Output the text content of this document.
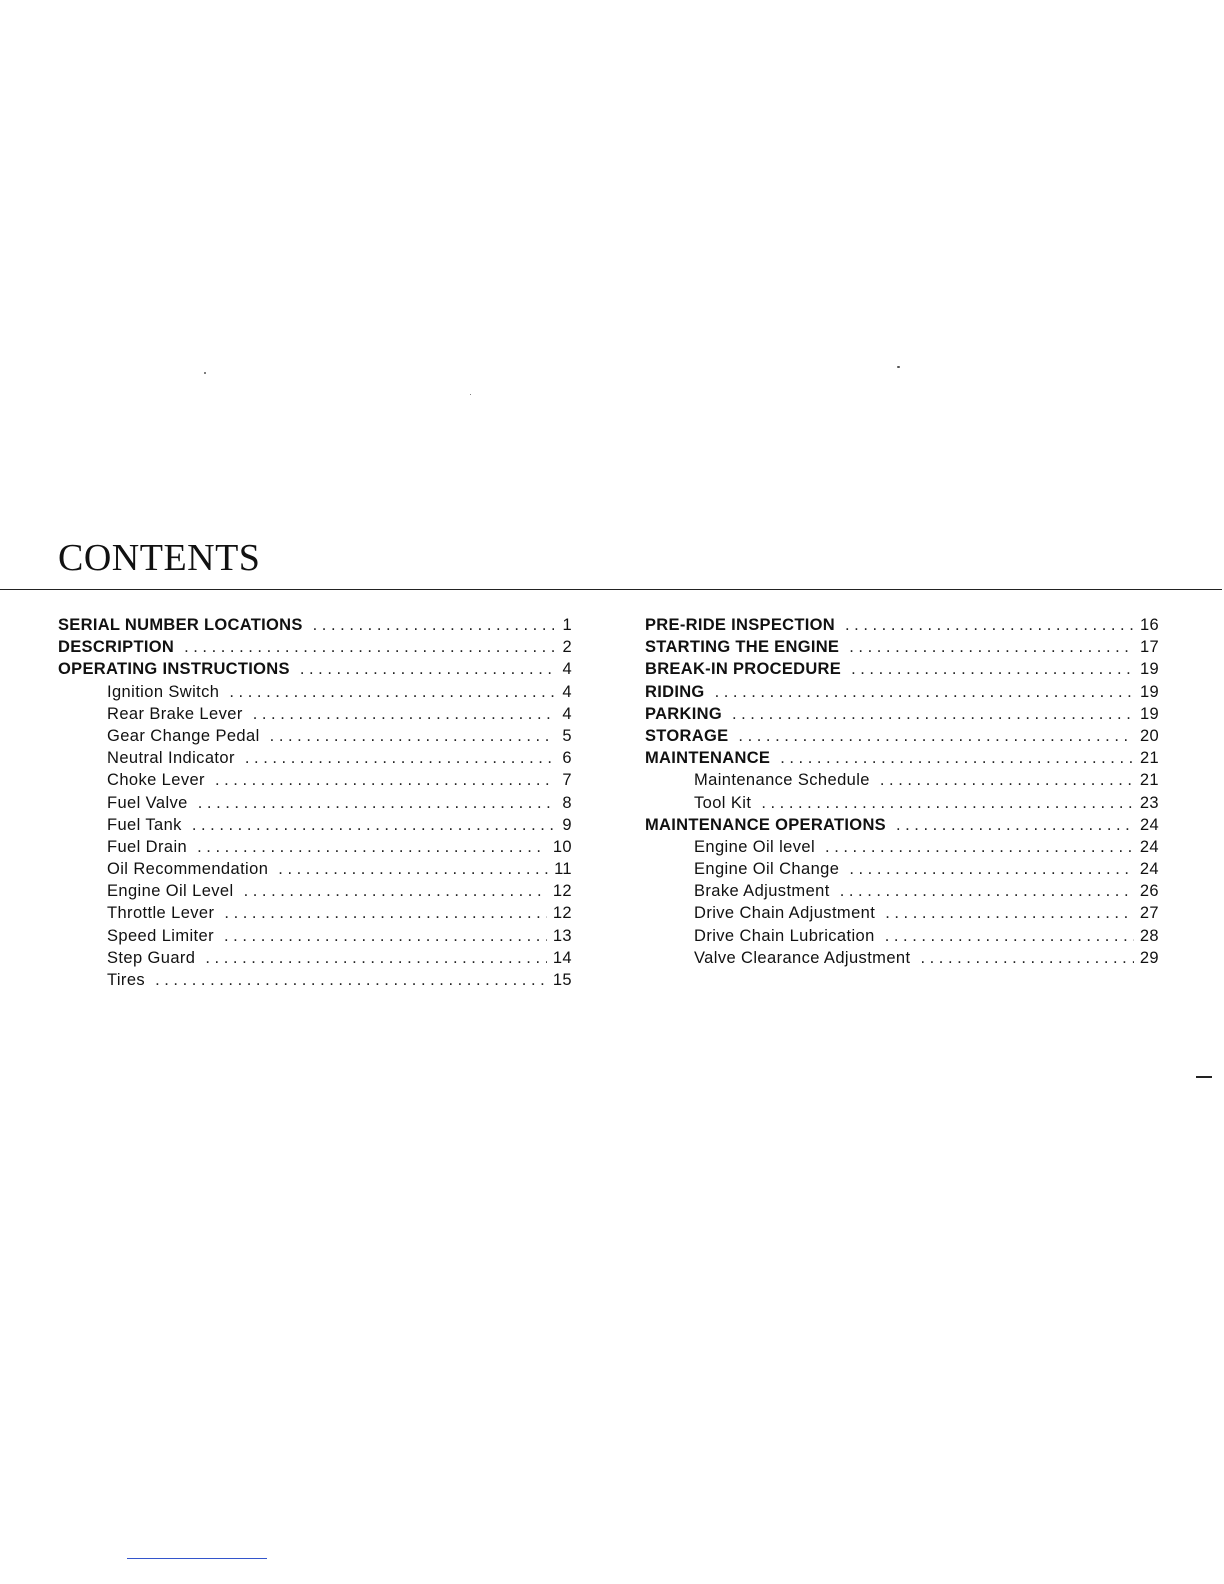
CONTENTS
SERIAL NUMBER LOCATIONS . . .	1
DESCRIPTION . . .	2
OPERATING INSTRUCTIONS . . .	4
Ignition Switch . . .	4
Rear Brake Lever . . .	4
Gear Change Pedal . . .	5
Neutral Indicator . . .	6
Choke Lever . . .	7
Fuel Valve . . .	8
Fuel Tank . . .	9
Fuel Drain . . .	10
Oil Recommendation . . .	11
Engine Oil Level . . .	12
Throttle Lever . . .	12
Speed Limiter . . .	13
Step Guard . . .	14
Tires . . .	15
PRE-RIDE INSPECTION . . .	16
STARTING THE ENGINE . . .	17
BREAK-IN PROCEDURE . . .	19
RIDING . . .	19
PARKING . . .	19
STORAGE . . .	20
MAINTENANCE . . .	21
Maintenance Schedule . . .	21
Tool Kit . . .	23
MAINTENANCE OPERATIONS . . .	24
Engine Oil level . . .	24
Engine Oil Change . . .	24
Brake Adjustment . . .	26
Drive Chain Adjustment . . .	27
Drive Chain Lubrication . . .	28
Valve Clearance Adjustment . . .	29
